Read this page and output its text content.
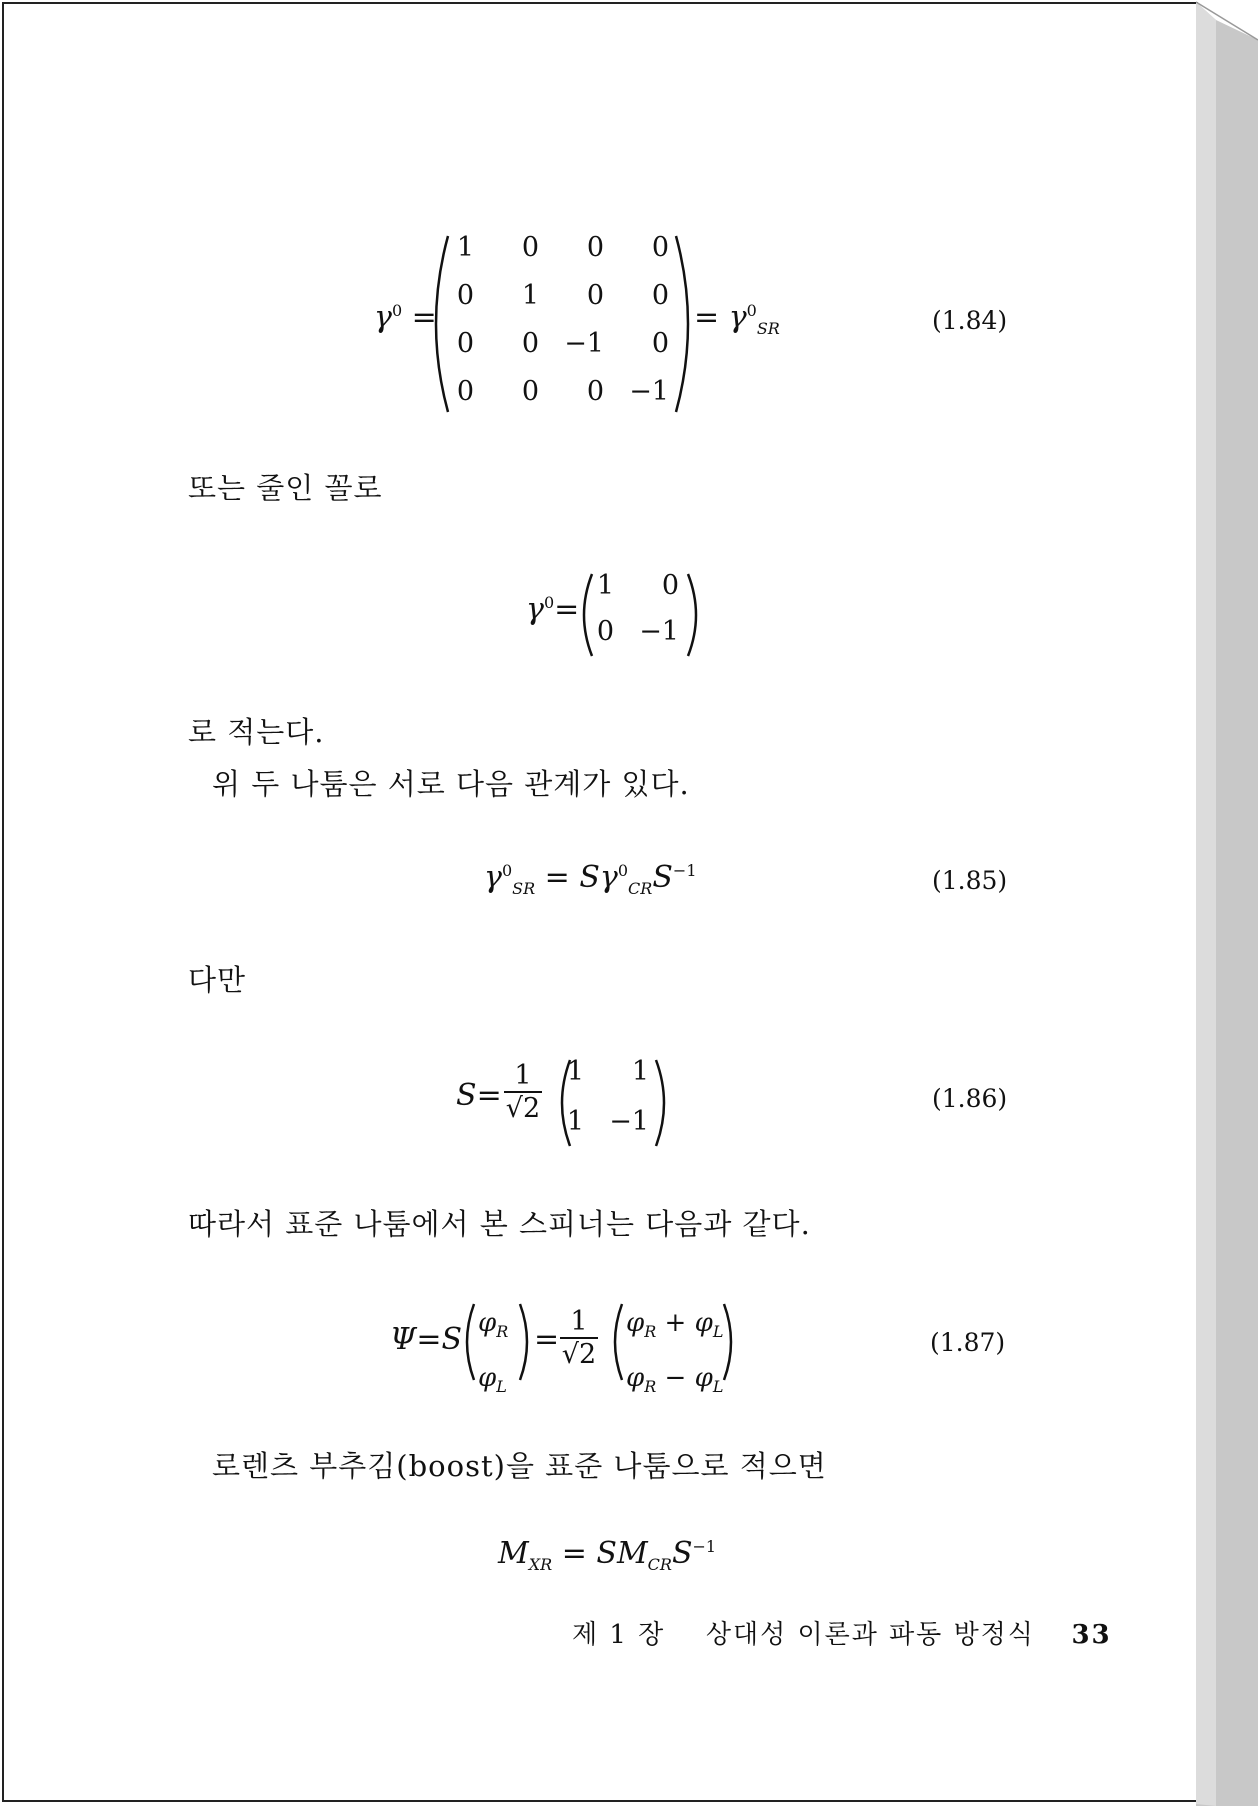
$\gamma^0$ =
1	0	0	0
0	1	0	0
0	0 −1	0
0	0	0 −1
= $\gamma^0_{SR}$	(1.84)
또는 줄인 꼴로
$\gamma^0=$
1	0
0 −1
로 적는다.
위 두 나툼은 서로 다음 관계가 있다.
$\gamma^0_{SR} = S\gamma^0_{CR}S^{-1}$	(1.85)
다만
$S= \frac{1}{√2} 1$	1
1 −1
(1.86)
따라서 표준 나툼에서 본 스피너는 다음과 같다.
Ψ=S $\varphi_R$
$\varphi_L$
= $\frac{1}{√2} \varphi_R + \varphi_L$
$\varphi_R - \varphi_L$
(1.87)
로렌츠 부추김(boost)을 표준 나툼으로 적으면
$M_{XR} = SM_{CR}S^{-1}$
제 1 장 상대성 이론과 파동 방정식 33
